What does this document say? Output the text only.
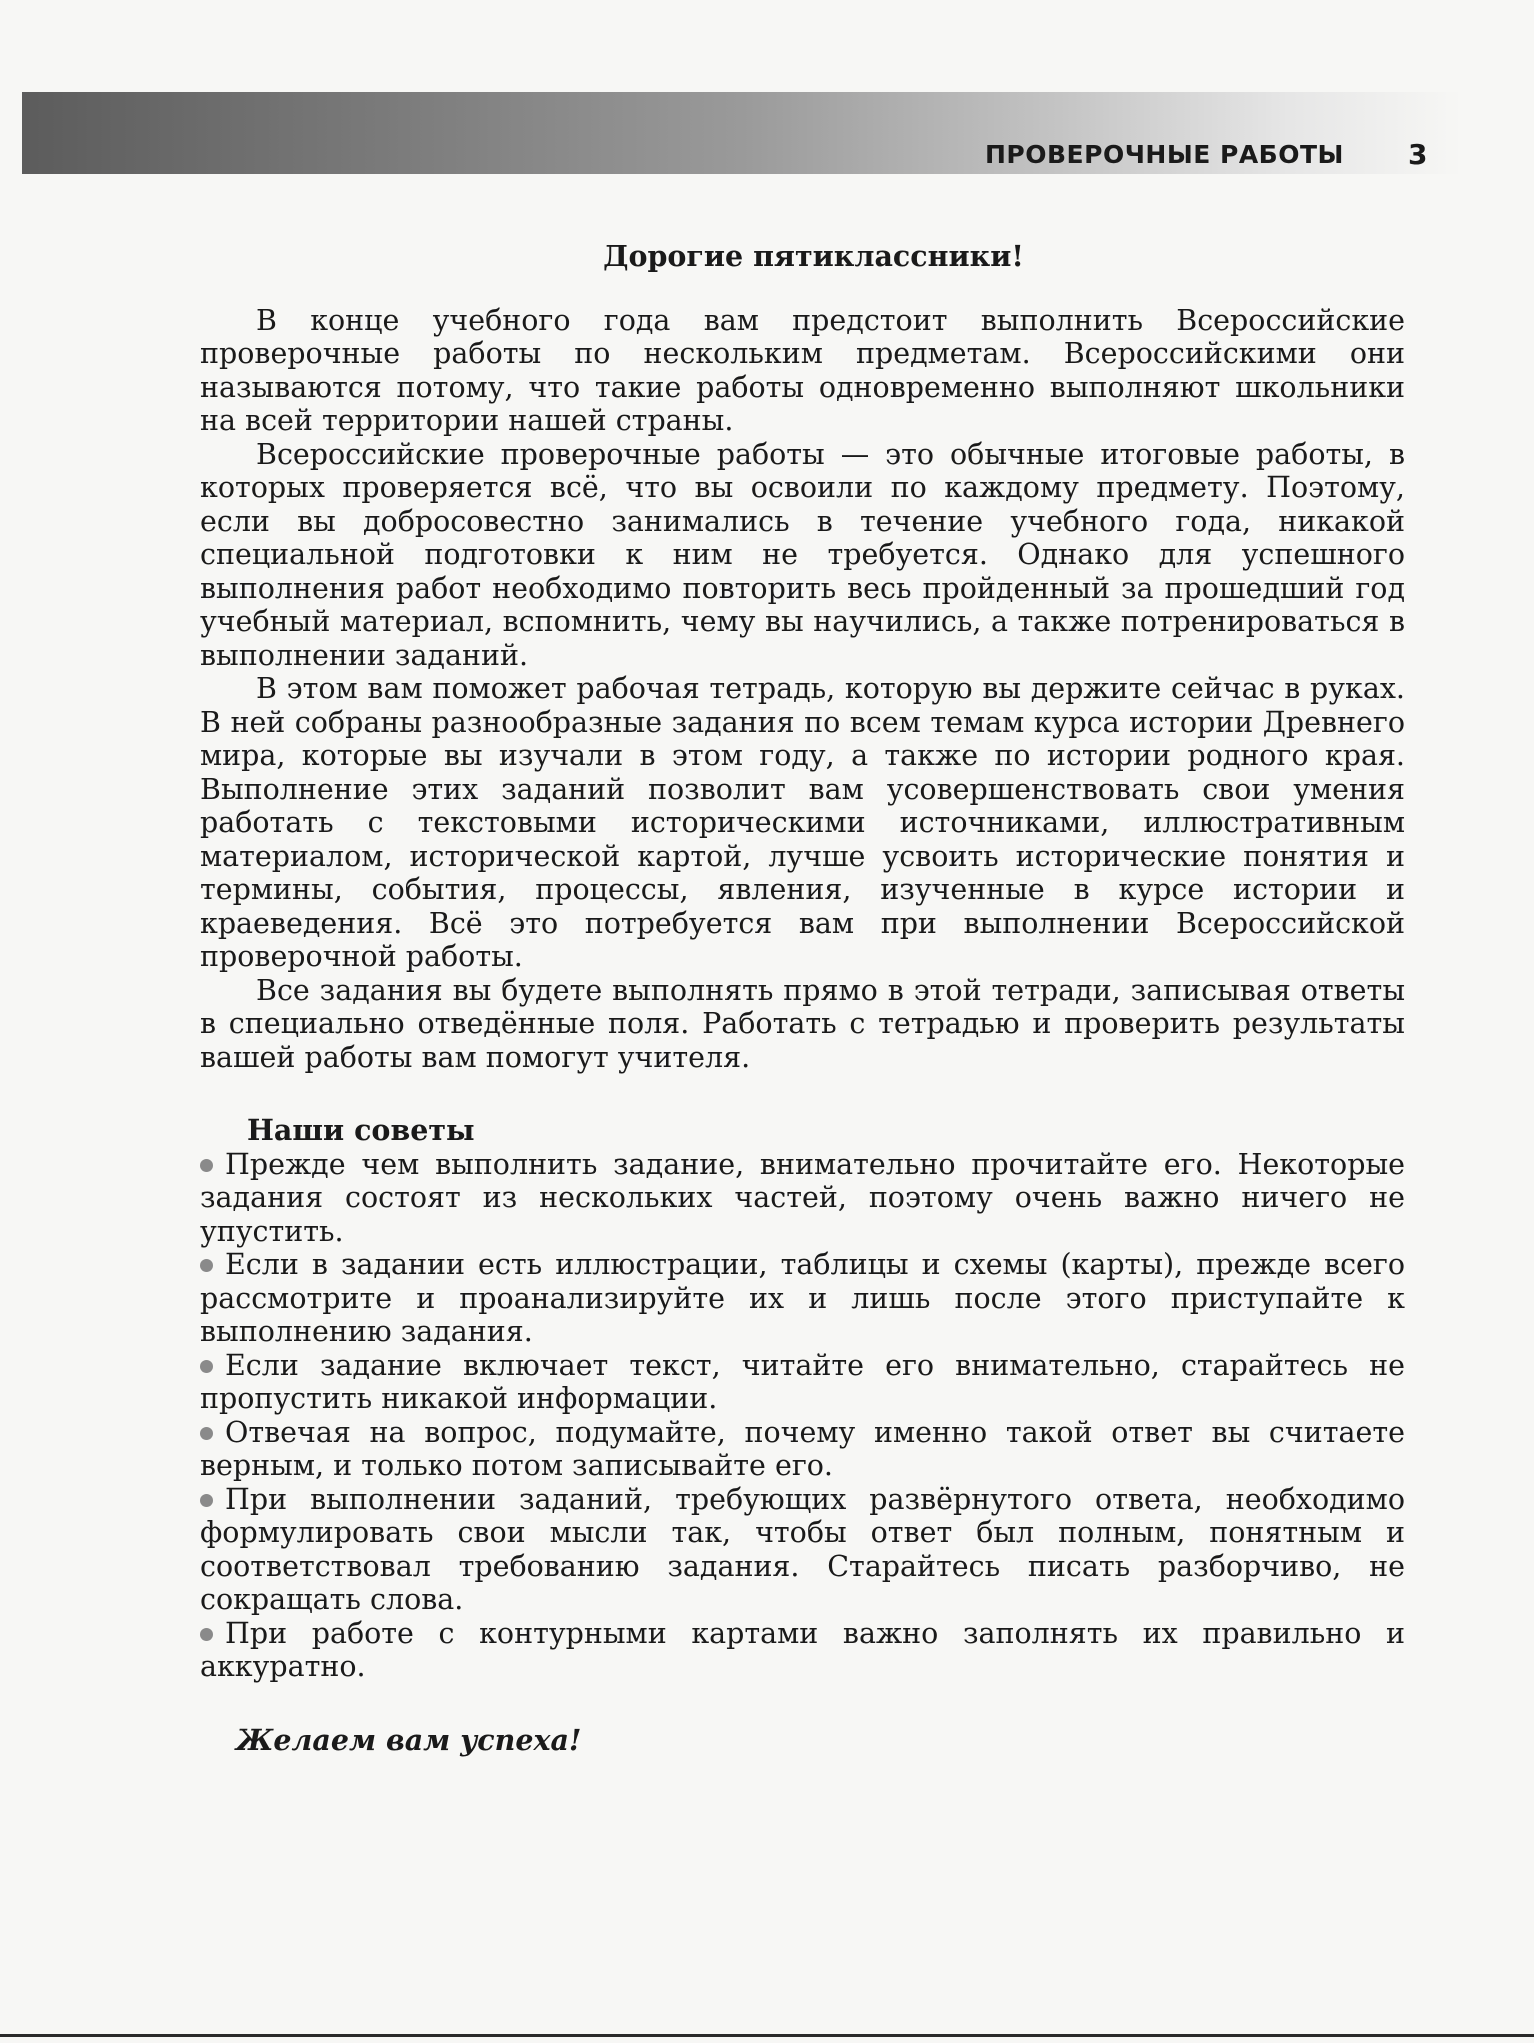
ПРОВЕРОЧНЫЕ РАБОТЫ 3
Дорогие пятиклассники!

В конце учебного года вам предстоит выполнить Всероссийские проверочные работы по нескольким предметам. Всероссийскими они называются потому, что такие работы одновременно выполняют школьники на всей территории нашей страны.

Всероссийские проверочные работы — это обычные итоговые работы, в которых проверяется всё, что вы освоили по каждому предмету. Поэтому, если вы добросовестно занимались в течение учебного года, никакой специальной подготовки к ним не требуется. Однако для успешного выполнения работ необходимо повторить весь пройденный за прошедший год учебный материал, вспомнить, чему вы научились, а также потренироваться в выполнении заданий.

В этом вам поможет рабочая тетрадь, которую вы держите сейчас в руках. В ней собраны разнообразные задания по всем темам курса истории Древнего мира, которые вы изучали в этом году, а также по истории родного края. Выполнение этих заданий позволит вам усовершенствовать свои умения работать с текстовыми историческими источниками, иллюстративным материалом, исторической картой, лучше усвоить исторические понятия и термины, события, процессы, явления, изученные в курсе истории и краеведения. Всё это потребуется вам при выполнении Всероссийской проверочной работы.

Все задания вы будете выполнять прямо в этой тетради, записывая ответы в специально отведённые поля. Работать с тетрадью и проверить результаты вашей работы вам помогут учителя.

Наши советы
Прежде чем выполнить задание, внимательно прочитайте его. Некоторые задания состоят из нескольких частей, поэтому очень важно ничего не упустить.
Если в задании есть иллюстрации, таблицы и схемы (карты), прежде всего рассмотрите и проанализируйте их и лишь после этого приступайте к выполнению задания.
Если задание включает текст, читайте его внимательно, старайтесь не пропустить никакой информации.
Отвечая на вопрос, подумайте, почему именно такой ответ вы считаете верным, и только потом записывайте его.
При выполнении заданий, требующих развёрнутого ответа, необходимо формулировать свои мысли так, чтобы ответ был полным, понятным и соответствовал требованию задания. Старайтесь писать разборчиво, не сокращать слова.
При работе с контурными картами важно заполнять их правильно и аккуратно.
Желаем вам успеха!
